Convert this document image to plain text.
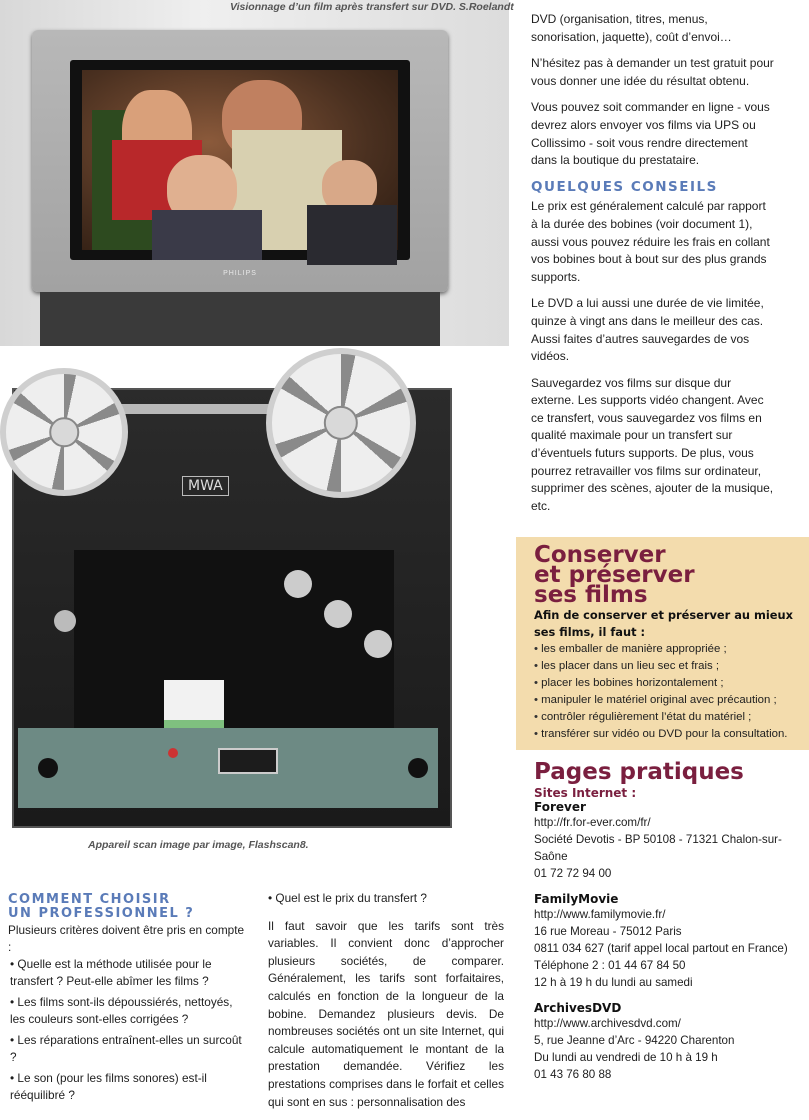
PHILIPS
Visionnage d’un film après transfert sur DVD. S.Roelandt
MWA
Appareil scan image par image, Flashscan8.

DVD (organisation, titres, menus, sonorisation, jaquette), coût d’envoi…

N’hésitez pas à demander un test gratuit pour vous donner une idée du résultat obtenu.

Vous pouvez soit commander en ligne - vous devrez alors envoyer vos films via UPS ou Collissimo - soit vous rendre directement dans la boutique du prestataire.

QUELQUES CONSEILS

Le prix est généralement calculé par rapport à la durée des bobines (voir document 1), aussi vous pouvez réduire les frais en collant vos bobines bout à bout sur des plus grands supports.

Le DVD a lui aussi une durée de vie limitée, quinze à vingt ans dans le meilleur des cas. Aussi faites d’autres sauvegardes de vos vidéos.

Sauvegardez vos films sur disque dur externe. Les supports vidéo changent. Avec ce transfert, vous sauvegardez vos films en qualité maximale pour un transfert sur d’éventuels futurs supports. De plus, vous pourrez retravailler vos films sur ordinateur, supprimer des scènes, ajouter de la musique, etc.

Conserver
et préserver
ses films
Afin de conserver et préserver au mieux ses films, il faut :
• les emballer de manière appropriée ;
• les placer dans un lieu sec et frais ;
• placer les bobines horizontalement ;
• manipuler le matériel original avec précaution ;
• contrôler régulièrement l’état du matériel ;
• transférer sur vidéo ou DVD pour la consultation.
Pages pratiques
Sites Internet :
Forever
http://fr.for-ever.com/fr/
Société Devotis - BP 50108 - 71321 Chalon-sur-Saône
01 72 72 94 00
FamilyMovie
http://www.familymovie.fr/
16 rue Moreau - 75012 Paris
0811 034 627 (tarif appel local partout en France)
Téléphone 2 : 01 44 67 84 50
12 h à 19 h du lundi au samedi
ArchivesDVD
http://www.archivesdvd.com/
5, rue Jeanne d’Arc - 94220 Charenton
Du lundi au vendredi de 10 h à 19 h
01 43 76 80 88
COMMENT CHOISIR
UN PROFESSIONNEL ?
Plusieurs critères doivent être pris en compte :
• Quelle est la méthode utilisée pour le transfert ? Peut-elle abîmer les films ?
• Les films sont-ils dépoussiérés, nettoyés, les couleurs sont-elles corrigées ?
• Les réparations entraînent-elles un surcoût ?
• Le son (pour les films sonores) est-il rééquilibré ?
• Quel est le prix du transfert ?

Il faut savoir que les tarifs sont très variables. Il convient donc d’approcher plusieurs sociétés, de comparer. Généralement, les tarifs sont forfaitaires, calculés en fonction de la longueur de la bobine. Demandez plusieurs devis. De nombreuses sociétés ont un site Internet, qui calcule automatiquement le montant de la prestation demandée. Vérifiez les prestations comprises dans le forfait et celles qui sont en sus : personnalisation des
